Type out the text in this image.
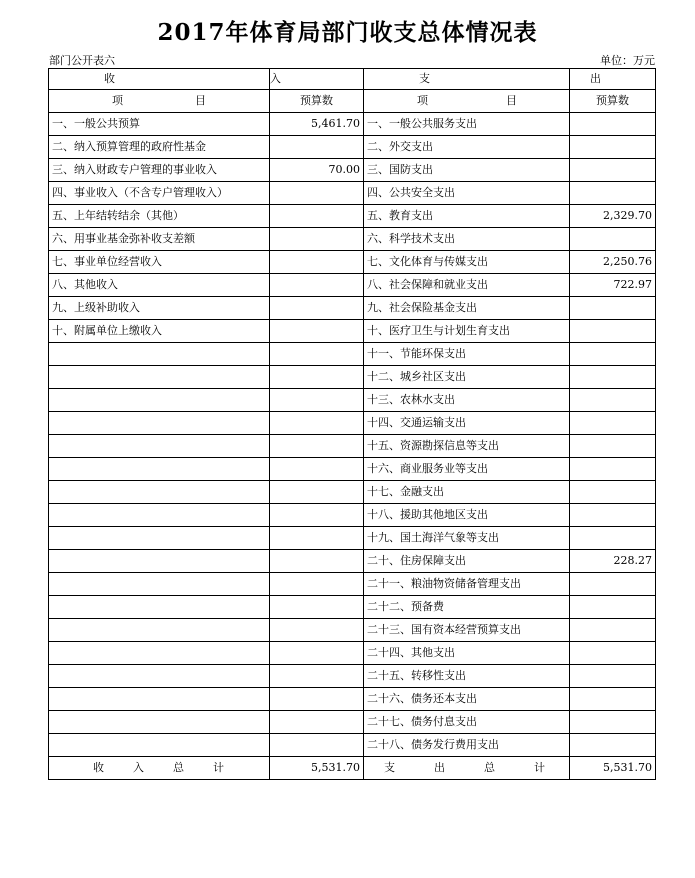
2017年体育局部门收支总体情况表
部门公开表六	单位：万元
收	入	支	出
项 目	预算数	项 目	预算数
一、一般公共预算	5,461.70	一、一般公共服务支出	
二、纳入预算管理的政府性基金		二、外交支出	
三、纳入财政专户管理的事业收入	70.00	三、国防支出	
四、事业收入（不含专户管理收入）		四、公共安全支出	
五、上年结转结余（其他）		五、教育支出	2,329.70
六、用事业基金弥补收支差额		六、科学技术支出	
七、事业单位经营收入		七、文化体育与传媒支出	2,250.76
八、其他收入		八、社会保障和就业支出	722.97
九、上级补助收入		九、社会保险基金支出	
十、附属单位上缴收入		十、医疗卫生与计划生育支出	
		十一、节能环保支出	
		十二、城乡社区支出	
		十三、农林水支出	
		十四、交通运输支出	
		十五、资源勘探信息等支出	
		十六、商业服务业等支出	
		十七、金融支出	
		十八、援助其他地区支出	
		十九、国土海洋气象等支出	
		二十、住房保障支出	228.27
		二十一、粮油物资储备管理支出	
		二十二、预备费	
		二十三、国有资本经营预算支出	
		二十四、其他支出	
		二十五、转移性支出	
		二十六、债务还本支出	
		二十七、债务付息支出	
		二十八、债务发行费用支出	
收 入 总 计	5,531.70	支 出 总 计	5,531.70
